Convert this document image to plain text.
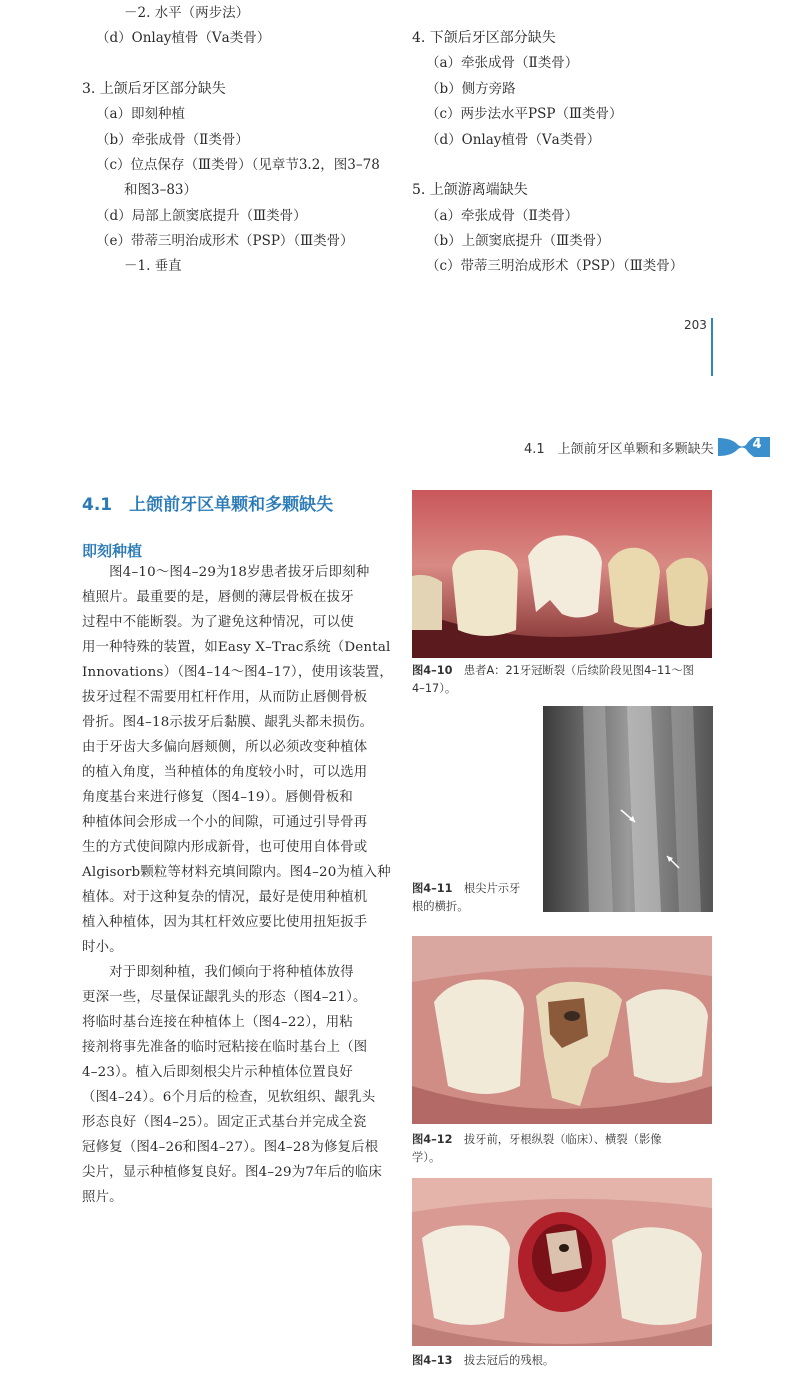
－2. 水平（两步法）
（d）Onlay植骨（Ⅴa类骨）
3. 上颌后牙区部分缺失
（a）即刻种植
（b）牵张成骨（Ⅱ类骨）
（c）位点保存（Ⅲ类骨）（见章节3.2，图3–78
和图3–83）
（d）局部上颌窦底提升（Ⅲ类骨）
（e）带蒂三明治成形术（PSP）（Ⅲ类骨）
－1. 垂直
4. 下颌后牙区部分缺失
（a）牵张成骨（Ⅱ类骨）
（b）侧方旁路
（c）两步法水平PSP（Ⅲ类骨）
（d）Onlay植骨（Ⅴa类骨）
5. 上颌游离端缺失
（a）牵张成骨（Ⅱ类骨）
（b）上颌窦底提升（Ⅲ类骨）
（c）带蒂三明治成形术（PSP）（Ⅲ类骨）
203
4.1　上颌前牙区单颗和多颗缺失	4
4.1　上颌前牙区单颗和多颗缺失
即刻种植
　　图4–10～图4–29为18岁患者拔牙后即刻种
植照片。最重要的是，唇侧的薄层骨板在拔牙
过程中不能断裂。为了避免这种情况，可以使
用一种特殊的装置，如Easy X–Trac系统（Dental
Innovations）（图4–14～图4–17），使用该装置，
拔牙过程不需要用杠杆作用，从而防止唇侧骨板
骨折。图4–18示拔牙后黏膜、龈乳头都未损伤。
由于牙齿大多偏向唇颊侧，所以必须改变种植体
的植入角度，当种植体的角度较小时，可以选用
角度基台来进行修复（图4–19）。唇侧骨板和
种植体间会形成一个小的间隙，可通过引导骨再
生的方式使间隙内形成新骨，也可使用自体骨或
Algisorb颗粒等材料充填间隙内。图4–20为植入种
植体。对于这种复杂的情况，最好是使用种植机
植入种植体，因为其杠杆效应要比使用扭矩扳手
时小。
　　对于即刻种植，我们倾向于将种植体放得
更深一些，尽量保证龈乳头的形态（图4–21）。
将临时基台连接在种植体上（图4–22），用粘
接剂将事先准备的临时冠粘接在临时基台上（图
4–23）。植入后即刻根尖片示种植体位置良好
（图4–24）。6个月后的检查，见软组织、龈乳头
形态良好（图4–25）。固定正式基台并完成全瓷
冠修复（图4–26和图4–27）。图4–28为修复后根
尖片，显示种植修复良好。图4–29为7年后的临床
照片。
图4–10　 患者A：21牙冠断裂（后续阶段见图4–11～图
4–17）。
图4–11　 根尖片示牙
根的横折。
图4–12　 拔牙前，牙根纵裂（临床）、横裂（影像
学）。
图4–13　 拔去冠后的残根。
